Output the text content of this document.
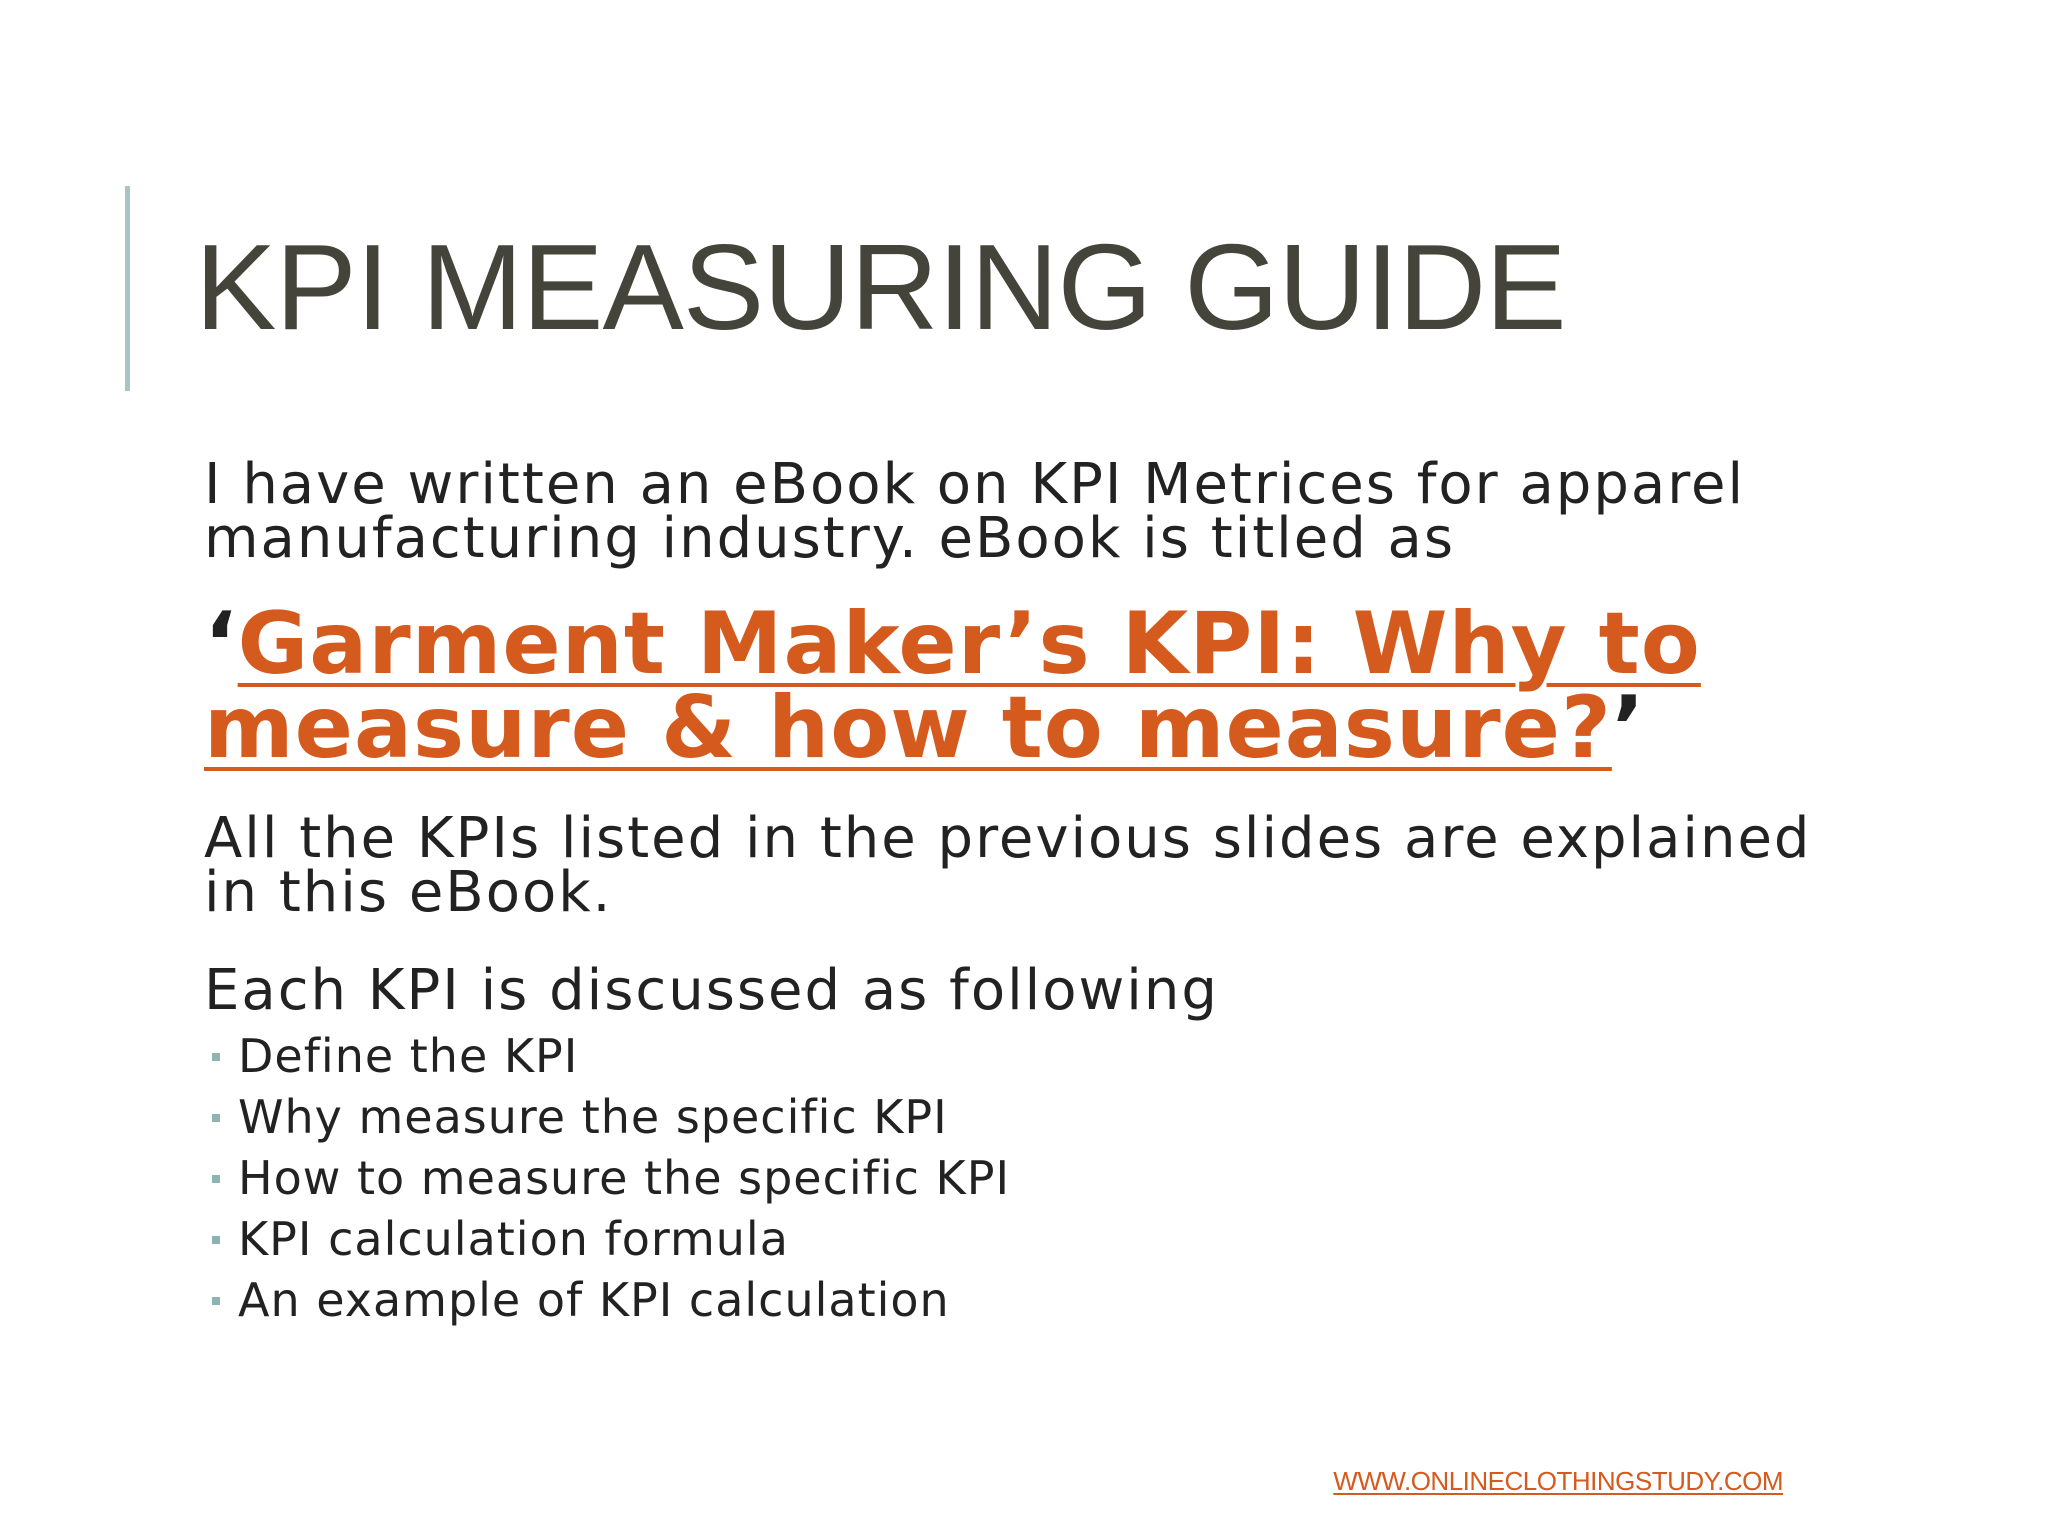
KPI MEASURING GUIDE

I have written an eBook on KPI Metrices for apparel manufacturing industry. eBook is titled as

‘Garment Maker’s KPI: Why to measure & how to measure?’

All the KPIs listed in the previous slides are explained in this eBook.

Each KPI is discussed as following

Define the KPI
Why measure the specific KPI
How to measure the specific KPI
KPI calculation formula
An example of KPI calculation
WWW.ONLINECLOTHINGSTUDY.COM
